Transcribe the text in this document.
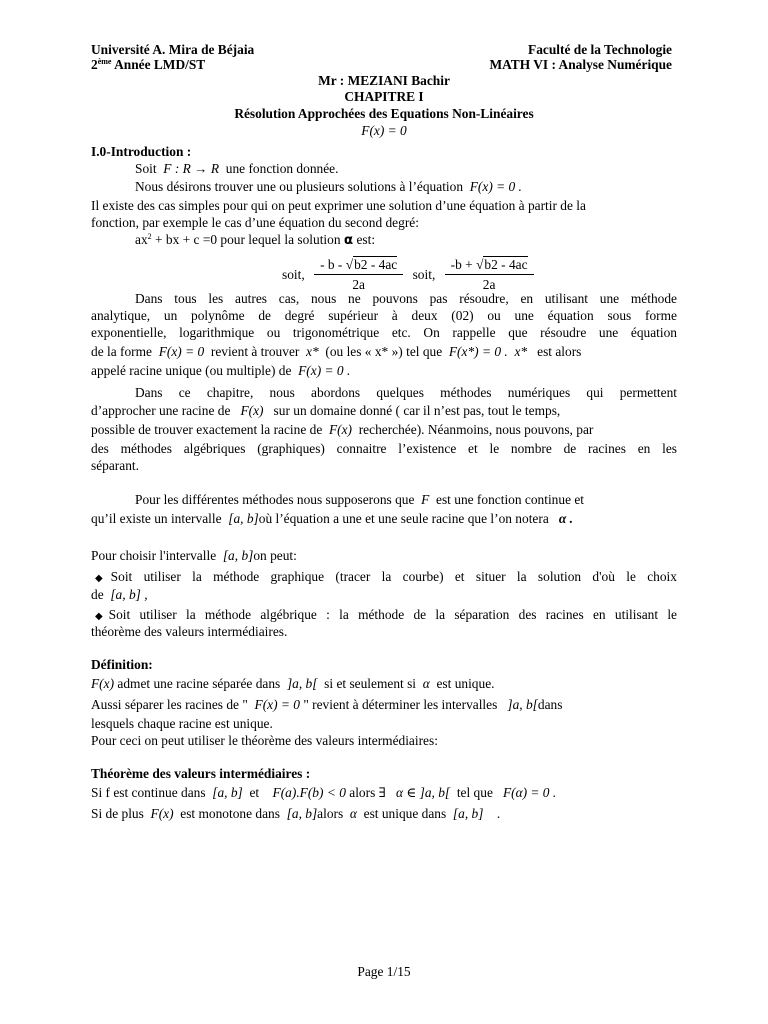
Université A. Mira de Béjaia	Faculté de la Technologie
2ème Année LMD/ST	MATH VI : Analyse Numérique
Mr : MEZIANI Bachir
CHAPITRE I
Résolution Approchées des Equations Non-Linéaires
F(x) = 0
I.0-Introduction :
Soit F : R → R une fonction donnée.
Nous désirons trouver une ou plusieurs solutions à l’équation F(x) = 0 .
Il existe des cas simples pour qui on peut exprimer une solution d’une équation à partir de la
fonction, par exemple le cas d’une équation du second degré:
$ax^2$ + bx + c =0 pour lequel la solution α est:
soit, $\frac{- b - √b2 - 4ac}{2a}$ soit, $\frac{-b + √b2 - 4ac}{2a}$
Dans tous les autres cas, nous ne pouvons pas résoudre, en utilisant une méthode
analytique, un polynôme de degré supérieur à deux (02) ou une équation sous forme
exponentielle, logarithmique ou trigonométrique etc. On rappelle que résoudre une équation
de la forme F(x) = 0 revient à trouver x* (ou les « x* ») tel que F(x*) = 0 . x* est alors
appelé racine unique (ou multiple) de F(x) = 0 .
Dans ce chapitre, nous abordons quelques méthodes numériques qui permettent
d’approcher une racine de F(x) sur un domaine donné ( car il n’est pas, tout le temps,
possible de trouver exactement la racine de F(x) recherchée). Néanmoins, nous pouvons, par
des méthodes algébriques (graphiques) connaitre l’existence et le nombre de racines en les
séparant.
Pour les différentes méthodes nous supposerons que F est une fonction continue et
qu’il existe un intervalle [a, b]où l’équation a une et une seule racine que l’on notera α .
Pour choisir l'intervalle [a, b]on peut:
◆Soit utiliser la méthode graphique (tracer la courbe) et situer la solution d'où le choix
de [a, b] ,
◆Soit utiliser la méthode algébrique : la méthode de la séparation des racines en utilisant le
théorème des valeurs intermédiaires.
Définition:
F(x) admet une racine séparée dans ]a, b[ si et seulement si α est unique.
Aussi séparer les racines de " F(x) = 0 " revient à déterminer les intervalles ]a, b[dans
lesquels chaque racine est unique.
Pour ceci on peut utiliser le théorème des valeurs intermédiaires:
Théorème des valeurs intermédiaires :
Si f est continue dans [a, b] et F(a).F(b) < 0 alors ∃ α ∈ ]a, b[ tel que F(α) = 0 .
Si de plus F(x) est monotone dans [a, b]alors α est unique dans [a, b] .
Page 1/15
